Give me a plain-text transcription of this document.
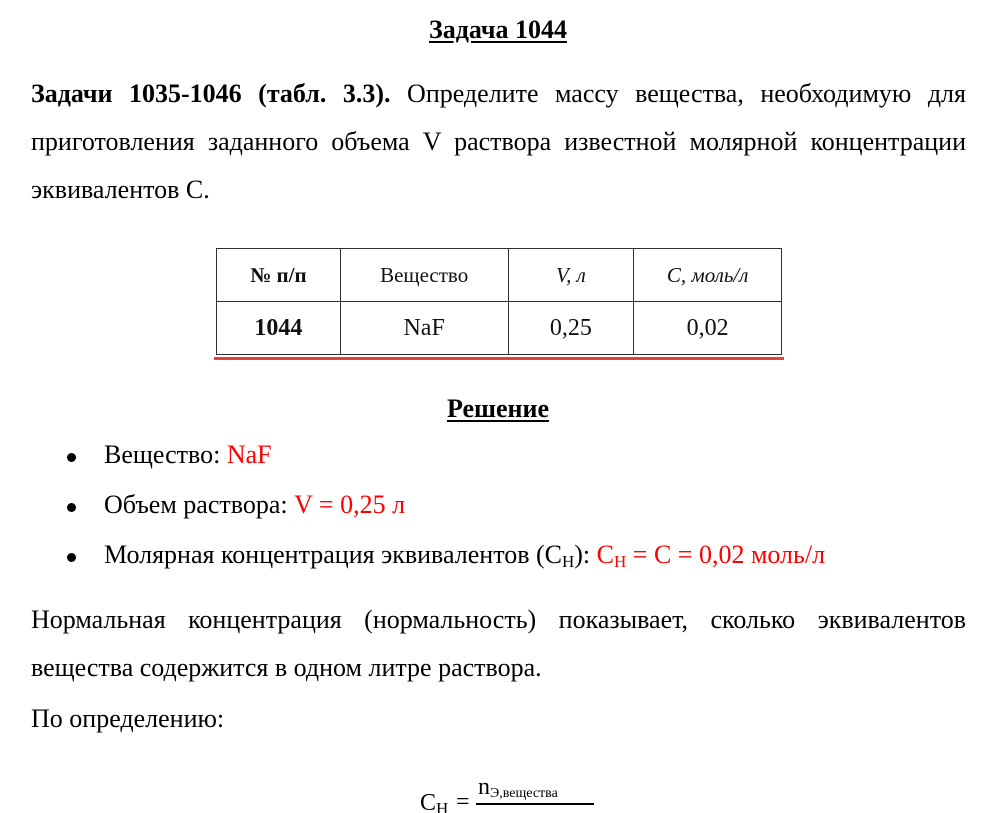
Задача 1044
Задачи 1035-1046 (табл. 3.3). Определите массу вещества, необходимую для приготовления заданного объема V раствора известной молярной концентрации эквивалентов С.
№ п/п	Вещество	V, л	С, моль/л
1044	NaF	0,25	0,02
Решение
Вещество: NaF
Объем раствора: V = 0,25 л
Молярная концентрация эквивалентов $(С_Н)$: $С_Н = С = 0,02$ моль/л
Нормальная концентрация (нормальность) показывает, сколько эквивалентов вещества содержится в одном литре раствора.
По определению:
$С_Н$ =
$n_{Э,вещества}$
